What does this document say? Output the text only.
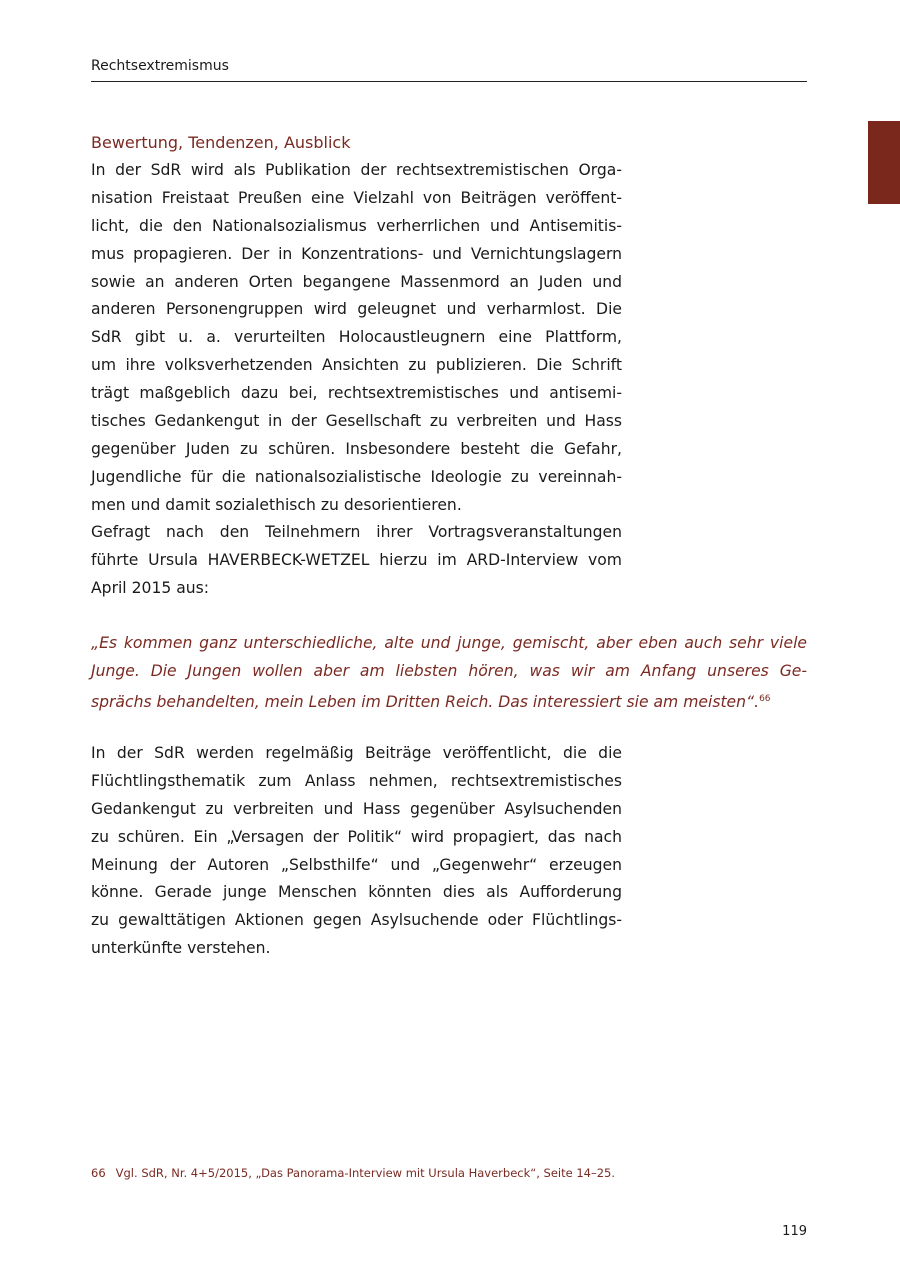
Rechtsextremismus
Bewertung, Tendenzen, Ausblick
In der SdR wird als Publikation der rechtsextremistischen Orga-
nisation Freistaat Preußen eine Vielzahl von Beiträgen veröffent-
licht, die den Nationalsozialismus verherrlichen und Antisemitis-
mus propagieren. Der in Konzentrations- und Vernichtungslagern
sowie an anderen Orten begangene Massenmord an Juden und
anderen Personengruppen wird geleugnet und verharmlost. Die
SdR gibt u. a. verurteilten Holocaustleugnern eine Plattform,
um ihre volksverhetzenden Ansichten zu publizieren. Die Schrift
trägt maßgeblich dazu bei, rechtsextremistisches und antisemi-
tisches Gedankengut in der Gesellschaft zu verbreiten und Hass
gegenüber Juden zu schüren. Insbesondere besteht die Gefahr,
Jugendliche für die nationalsozialistische Ideologie zu vereinnah-
men und damit sozialethisch zu desorientieren.
Gefragt nach den Teilnehmern ihrer Vortragsveranstaltungen
führte Ursula HAVERBECK-WETZEL hierzu im ARD-Interview vom
April 2015 aus:
„Es kommen ganz unterschiedliche, alte und junge, gemischt, aber eben auch sehr viele
Junge. Die Jungen wollen aber am liebsten hören, was wir am Anfang unseres Ge-
sprächs behandelten, mein Leben im Dritten Reich. Das interessiert sie am meisten“.$^{66}$
In der SdR werden regelmäßig Beiträge veröffentlicht, die die
Flüchtlingsthematik zum Anlass nehmen, rechtsextremistisches
Gedankengut zu verbreiten und Hass gegenüber Asylsuchenden
zu schüren. Ein „Versagen der Politik“ wird propagiert, das nach
Meinung der Autoren „Selbsthilfe“ und „Gegenwehr“ erzeugen
könne. Gerade junge Menschen könnten dies als Aufforderung
zu gewalttätigen Aktionen gegen Asylsuchende oder Flüchtlings-
unterkünfte verstehen.
66 Vgl. SdR, Nr. 4+5/2015, „Das Panorama-Interview mit Ursula Haverbeck“, Seite 14–25.
119
